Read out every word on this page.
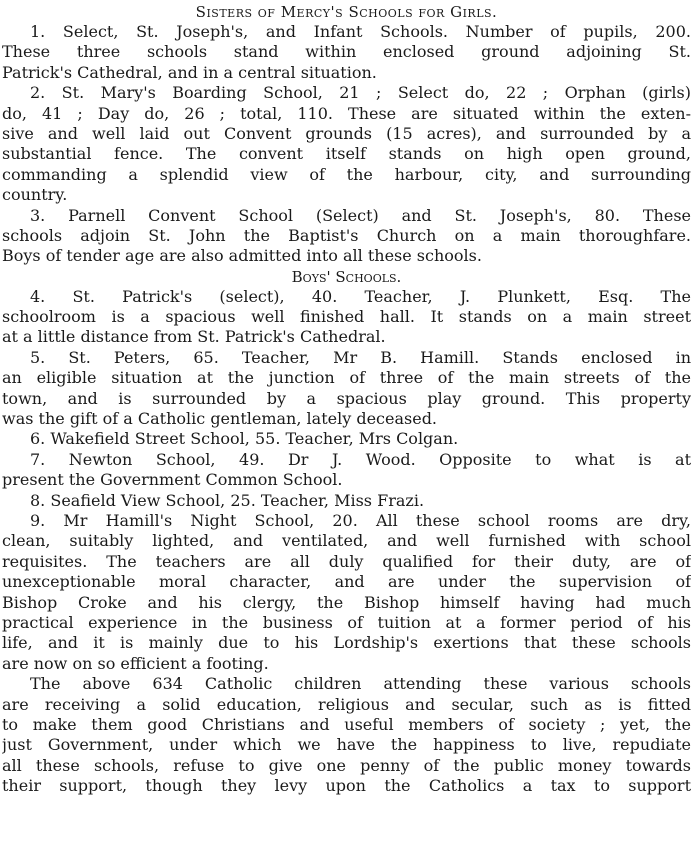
Sisters of Mercy's Schools for Girls.
1. Select, St. Joseph's, and Infant Schools. Number of pupils, 200.
These three schools stand within enclosed ground adjoining St.
Patrick's Cathedral, and in a central situation.
2. St. Mary's Boarding School, 21 ; Select do, 22 ; Orphan (girls)
do, 41 ; Day do, 26 ; total, 110. These are situated within the exten-
sive and well laid out Convent grounds (15 acres), and surrounded by a
substantial fence. The convent itself stands on high open ground,
commanding a splendid view of the harbour, city, and surrounding
country.
3. Parnell Convent School (Select) and St. Joseph's, 80. These
schools adjoin St. John the Baptist's Church on a main thoroughfare.
Boys of tender age are also admitted into all these schools.
Boys' Schools.
4. St. Patrick's (select), 40. Teacher, J. Plunkett, Esq. The
schoolroom is a spacious well finished hall. It stands on a main street
at a little distance from St. Patrick's Cathedral.
5. St. Peters, 65. Teacher, Mr B. Hamill. Stands enclosed in
an eligible situation at the junction of three of the main streets of the
town, and is surrounded by a spacious play ground. This property
was the gift of a Catholic gentleman, lately deceased.
6. Wakefield Street School, 55. Teacher, Mrs Colgan.
7. Newton School, 49. Dr J. Wood. Opposite to what is at
present the Government Common School.
8. Seafield View School, 25. Teacher, Miss Frazi.
9. Mr Hamill's Night School, 20. All these school rooms are dry,
clean, suitably lighted, and ventilated, and well furnished with school
requisites. The teachers are all duly qualified for their duty, are of
unexceptionable moral character, and are under the supervision of
Bishop Croke and his clergy, the Bishop himself having had much
practical experience in the business of tuition at a former period of his
life, and it is mainly due to his Lordship's exertions that these schools
are now on so efficient a footing.
The above 634 Catholic children attending these various schools
are receiving a solid education, religious and secular, such as is fitted
to make them good Christians and useful members of society ; yet, the
just Government, under which we have the happiness to live, repudiate
all these schools, refuse to give one penny of the public money towards
their support, though they levy upon the Catholics a tax to support
